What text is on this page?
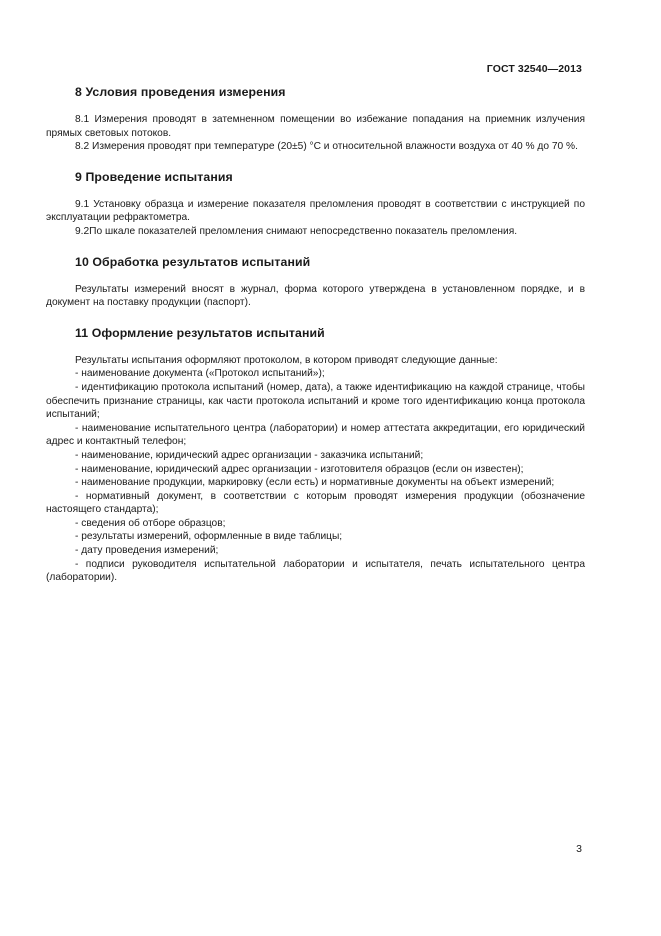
ГОСТ 32540—2013
8 Условия проведения измерения

8.1 Измерения проводят в затемненном помещении во избежание попадания на приемник излучения прямых световых потоков.

8.2 Измерения проводят при температуре (20±5) °С и относительной влажности воздуха от 40 % до 70 %.

9 Проведение испытания

9.1 Установку образца и измерение показателя преломления проводят в соответствии с инструкцией по эксплуатации рефрактометра.

9.2По шкале показателей преломления снимают непосредственно показатель преломления.

10 Обработка результатов испытаний

Результаты измерений вносят в журнал, форма которого утверждена в установленном порядке, и в документ на поставку продукции (паспорт).

11 Оформление результатов испытаний

Результаты испытания оформляют протоколом, в котором приводят следующие данные:

- наименование документа («Протокол испытаний»);

- идентификацию протокола испытаний (номер, дата), а также идентификацию на каждой странице, чтобы обеспечить признание страницы, как части протокола испытаний и кроме того идентификацию конца протокола испытаний;

- наименование испытательного центра (лаборатории) и номер аттестата аккредитации, его юридический адрес и контактный телефон;

- наименование, юридический адрес организации - заказчика испытаний;

- наименование, юридический адрес организации - изготовителя образцов (если он известен);

- наименование продукции, маркировку (если есть) и нормативные документы на объект измерений;

- нормативный документ, в соответствии с которым проводят измерения продукции (обозначение настоящего стандарта);

- сведения об отборе образцов;

- результаты измерений, оформленные в виде таблицы;

- дату проведения измерений;

- подписи руководителя испытательной лаборатории и испытателя, печать испытательного центра (лаборатории).

3
